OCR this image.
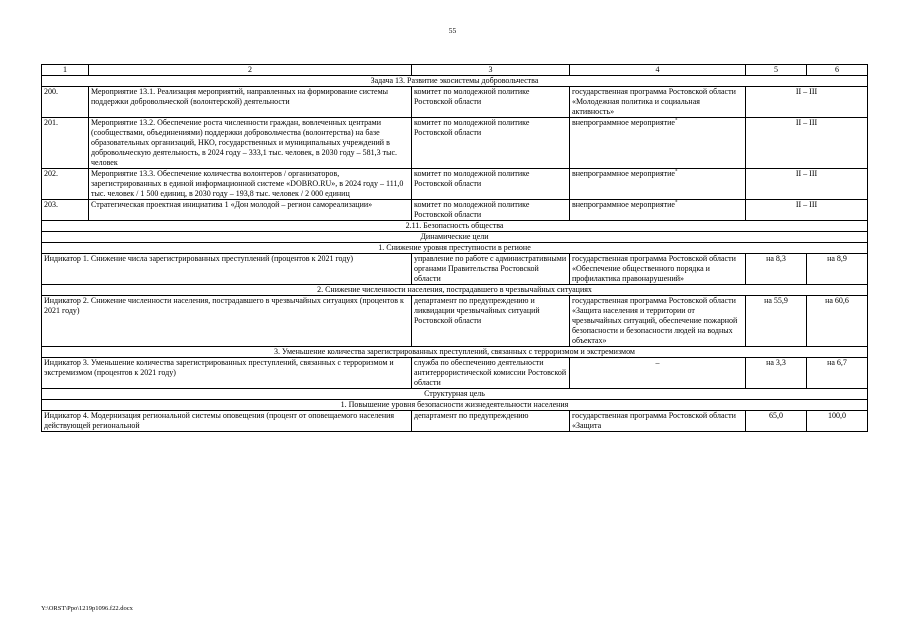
55
1	2	3	4	5	6
Задача 13. Развитие экосистемы добровольчества					
200.	Мероприятие 13.1. Реализация мероприятий, направленных на формирование системы поддержки добровольческой (волонтерской) деятельности	комитет по молодежной политике Ростовской области	государственная программа Ростовской области «Молодежная политика и социальная активность»	II – III	
201.	Мероприятие 13.2. Обеспечение роста численности граждан, вовлеченных центрами (сообществами, объединениями) поддержки добровольчества (волонтерства) на базе образовательных организаций, НКО, государственных и муниципальных учреждений в добровольческую деятельность, в 2024 году – 333,1 тыс. человек, в 2030 году – 581,3 тыс. человек	комитет по молодежной политике Ростовской области	внепрограммное мероприятие*	II – III	
202.	Мероприятие 13.3. Обеспечение количества волонтеров / организаторов, зарегистрированных в единой информационной системе «DOBRO.RU», в 2024 году – 111,0 тыс. человек / 1 500 единиц, в 2030 году – 193,8 тыс. человек / 2 000 единиц	комитет по молодежной политике Ростовской области	внепрограммное мероприятие*	II – III	
203.	Стратегическая проектная инициатива 1 «Дон молодой – регион самореализации»	комитет по молодежной политике Ростовской области	внепрограммное мероприятие*	II – III	
2.11. Безопасность общества					
Динамические цели					
1. Снижение уровня преступности в регионе					
Индикатор 1. Снижение числа зарегистрированных преступлений (процентов к 2021 году)		управление по работе с административными органами Правительства Ростовской области	государственная программа Ростовской области «Обеспечение общественного порядка и профилактика правонарушений»	на 8,3	на 8,9
2. Снижение численности населения, пострадавшего в чрезвычайных ситуациях					
Индикатор 2. Снижение численности населения, пострадавшего в чрезвычайных ситуациях (процентов к 2021 году)		департамент по предупреждению и ликвидации чрезвычайных ситуаций Ростовской области	государственная программа Ростовской области «Защита населения и территории от чрезвычайных ситуаций, обеспечение пожарной безопасности и безопасности людей на водных объектах»	на 55,9	на 60,6
3. Уменьшение количества зарегистрированных преступлений, связанных с терроризмом и экстремизмом					
Индикатор 3. Уменьшение количества зарегистрированных преступлений, связанных с терроризмом и экстремизмом (процентов к 2021 году)		служба по обеспечению деятельности антитеррористической комиссии Ростовской области	–	на 3,3	на 6,7
Структурная цель					
1. Повышение уровня безопасности жизнедеятельности населения					
Индикатор 4. Модернизация региональной системы оповещения (процент от оповещаемого населения действующей региональной		департамент по предупреждению	государственная программа Ростовской области «Защита	65,0	100,0
Y:\ORST\Ppo\1219p1096.f22.docx
